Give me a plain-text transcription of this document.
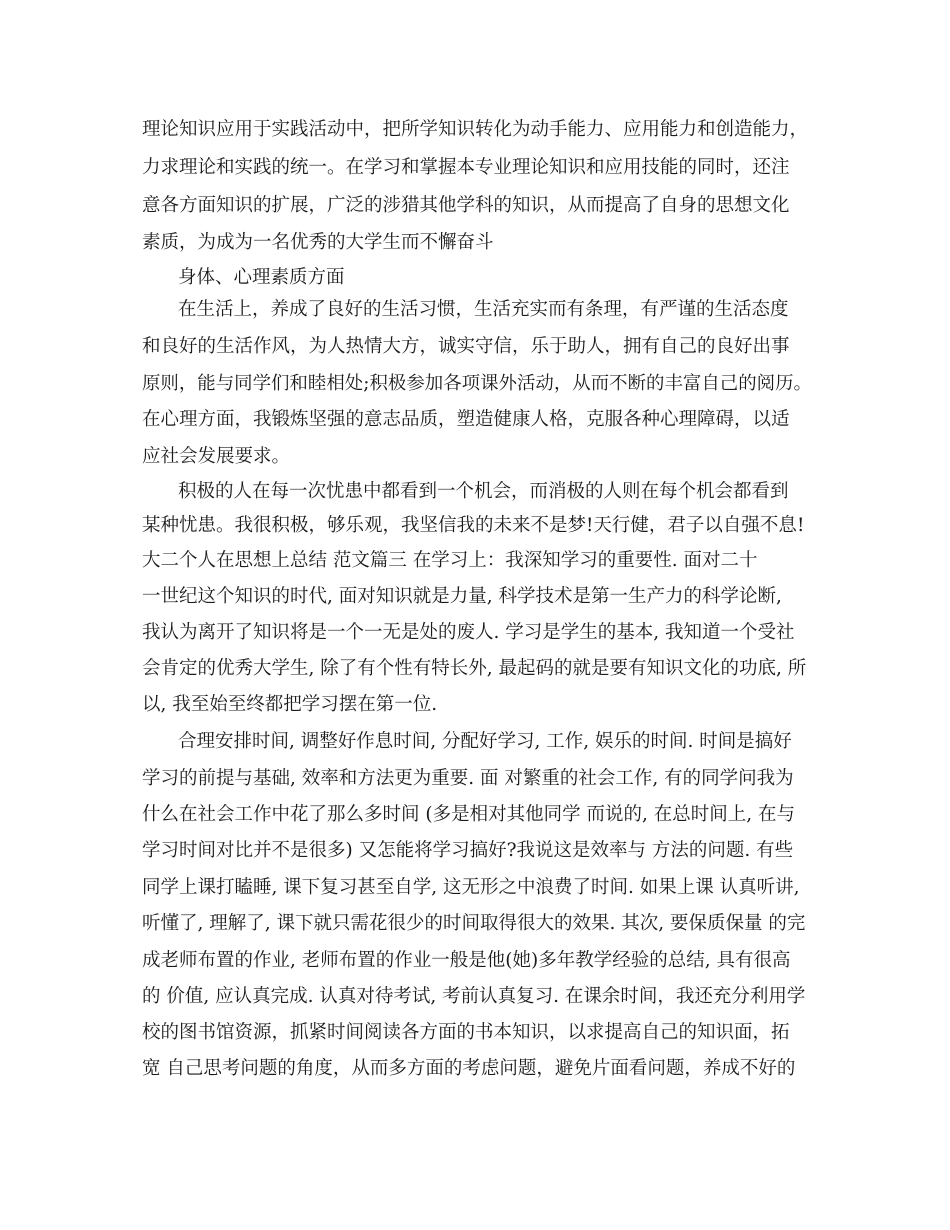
理论知识应用于实践活动中，把所学知识转化为动手能力、应用能力和创造能力，

力求理论和实践的统一。在学习和掌握本专业理论知识和应用技能的同时，还注

意各方面知识的扩展，广泛的涉猎其他学科的知识，从而提高了自身的思想文化

素质，为成为一名优秀的大学生而不懈奋斗

身体、心理素质方面

在生活上，养成了良好的生活习惯，生活充实而有条理，有严谨的生活态度

和良好的生活作风，为人热情大方，诚实守信，乐于助人，拥有自己的良好出事

原则，能与同学们和睦相处;积极参加各项课外活动，从而不断的丰富自己的阅历。

在心理方面，我锻炼坚强的意志品质，塑造健康人格，克服各种心理障碍，以适

应社会发展要求。

积极的人在每一次忧患中都看到一个机会，而消极的人则在每个机会都看到

某种忧患。我很积极，够乐观，我坚信我的未来不是梦!天行健，君子以自强不息!

大二个人在思想上总结 范文篇三 在学习上：我深知学习的重要性. 面对二十

一世纪这个知识的时代, 面对知识就是力量, 科学技术是第一生产力的科学论断,

我认为离开了知识将是一个一无是处的废人. 学习是学生的基本, 我知道一个受社

会肯定的优秀大学生, 除了有个性有特长外, 最起码的就是要有知识文化的功底, 所

以, 我至始至终都把学习摆在第一位.

合理安排时间, 调整好作息时间, 分配好学习, 工作, 娱乐的时间. 时间是搞好

学习的前提与基础, 效率和方法更为重要. 面 对繁重的社会工作, 有的同学问我为

什么在社会工作中花了那么多时间 (多是相对其他同学 而说的, 在总时间上, 在与

学习时间对比并不是很多) 又怎能将学习搞好?我说这是效率与 方法的问题. 有些

同学上课打瞌睡, 课下复习甚至自学, 这无形之中浪费了时间. 如果上课 认真听讲,

听懂了, 理解了, 课下就只需花很少的时间取得很大的效果. 其次, 要保质保量 的完

成老师布置的作业, 老师布置的作业一般是他(她)多年教学经验的总结, 具有很高

的 价值, 应认真完成. 认真对待考试, 考前认真复习. 在课余时间，我还充分利用学

校的图书馆资源，抓紧时间阅读各方面的书本知识，以求提高自己的知识面，拓

宽 自己思考问题的角度，从而多方面的考虑问题，避免片面看问题，养成不好的
